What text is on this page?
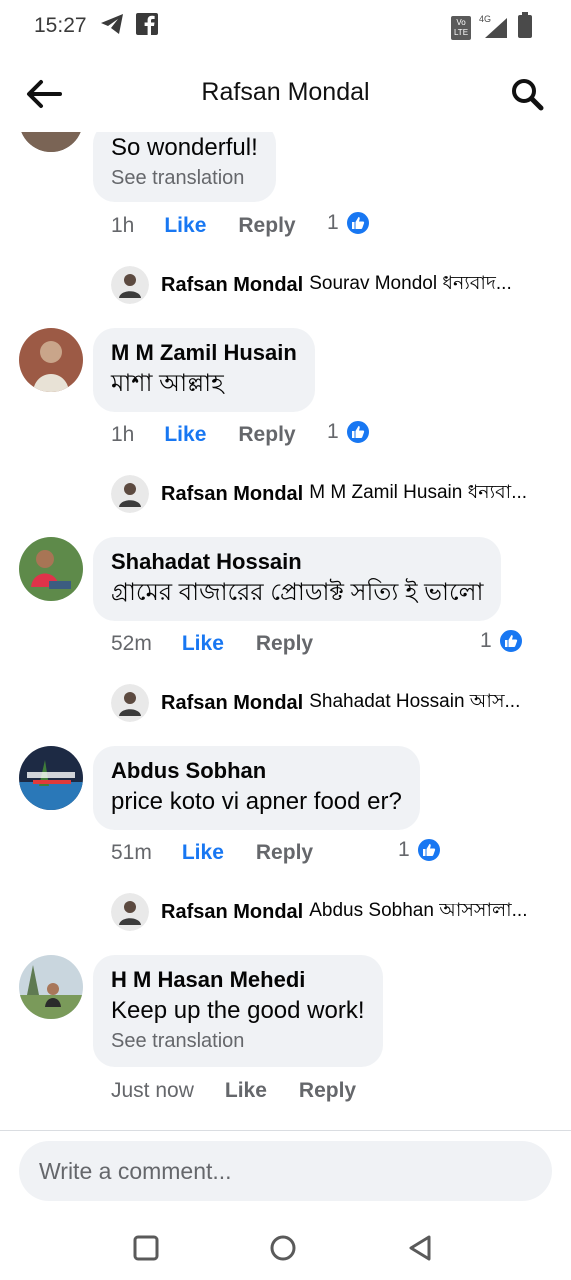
15:27	Vo LTE
4G
Rafsan Mondal
So wonderful!
See translation
1h Like Reply 1
Rafsan Mondal Sourav Mondol ধন্যবাদ...
M M Zamil Husain
মাশা আল্লাহ
1h Like Reply 1
Rafsan Mondal M M Zamil Husain ধন্যবা...
Shahadat Hossain
গ্রামের বাজারের প্রোডাক্ট সত্যি ই ভালো
52m Like Reply	1
Rafsan Mondal Shahadat Hossain আস...
Abdus Sobhan
price koto vi apner food er?
51m Like Reply	1
Rafsan Mondal Abdus Sobhan আসসালা...
H M Hasan Mehedi
Keep up the good work!
See translation
Just now Like Reply
Write a comment...
